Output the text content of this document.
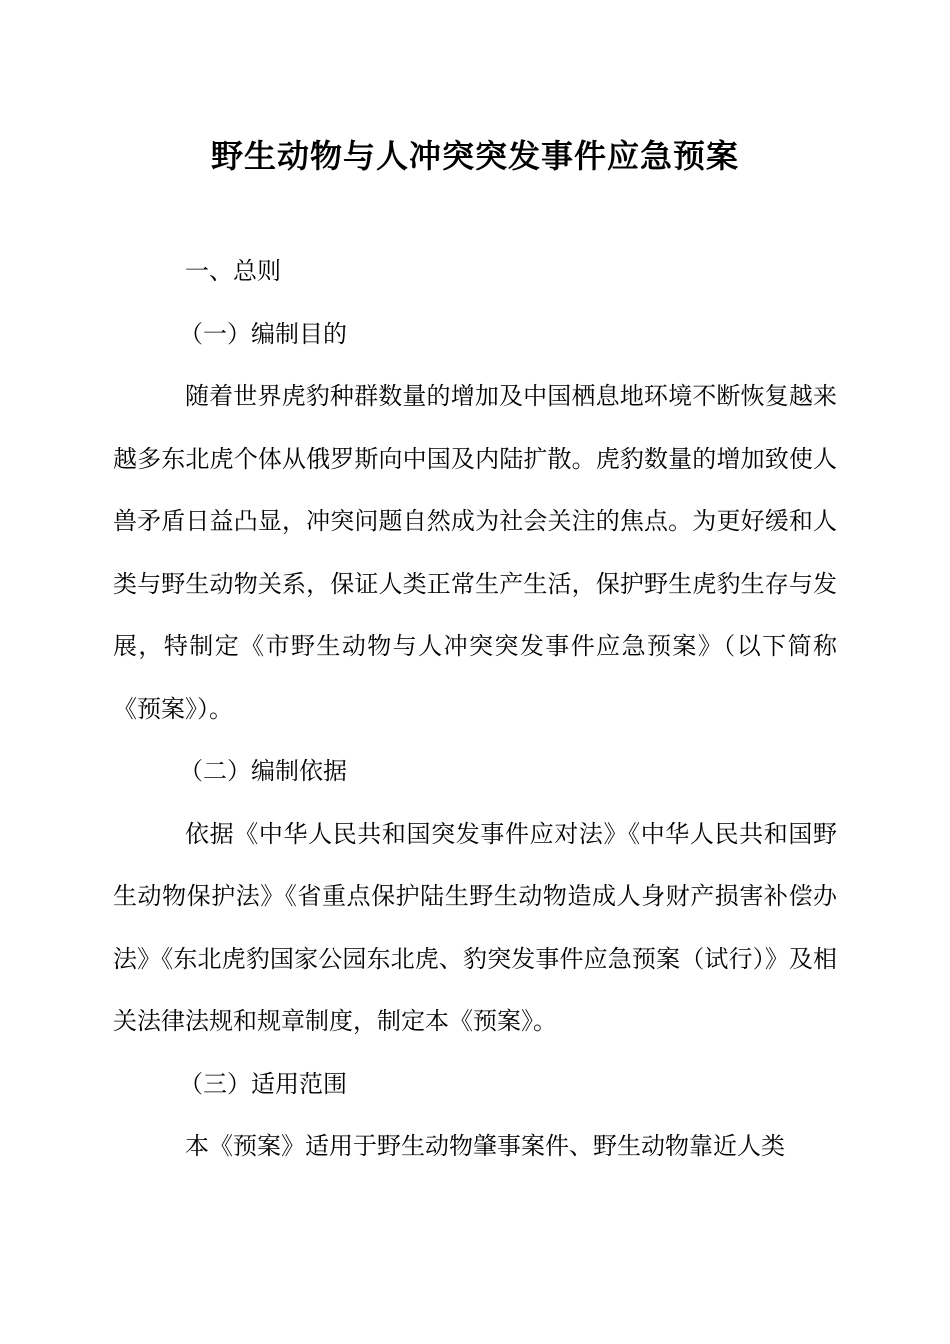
野生动物与人冲突突发事件应急预案

一、总则

（一）编制目的

随着世界虎豹种群数量的增加及中国栖息地环境不断恢复越来越多东北虎个体从俄罗斯向中国及内陆扩散。虎豹数量的增加致使人兽矛盾日益凸显，冲突问题自然成为社会关注的焦点。为更好缓和人类与野生动物关系，保证人类正常生产生活，保护野生虎豹生存与发展，特制定《市野生动物与人冲突突发事件应急预案》（以下简称《预案》）。

（二）编制依据

依据《中华人民共和国突发事件应对法》《中华人民共和国野生动物保护法》《省重点保护陆生野生动物造成人身财产损害补偿办法》《东北虎豹国家公园东北虎、豹突发事件应急预案（试行）》及相关法律法规和规章制度，制定本《预案》。

（三）适用范围

本《预案》适用于野生动物肇事案件、野生动物靠近人类
